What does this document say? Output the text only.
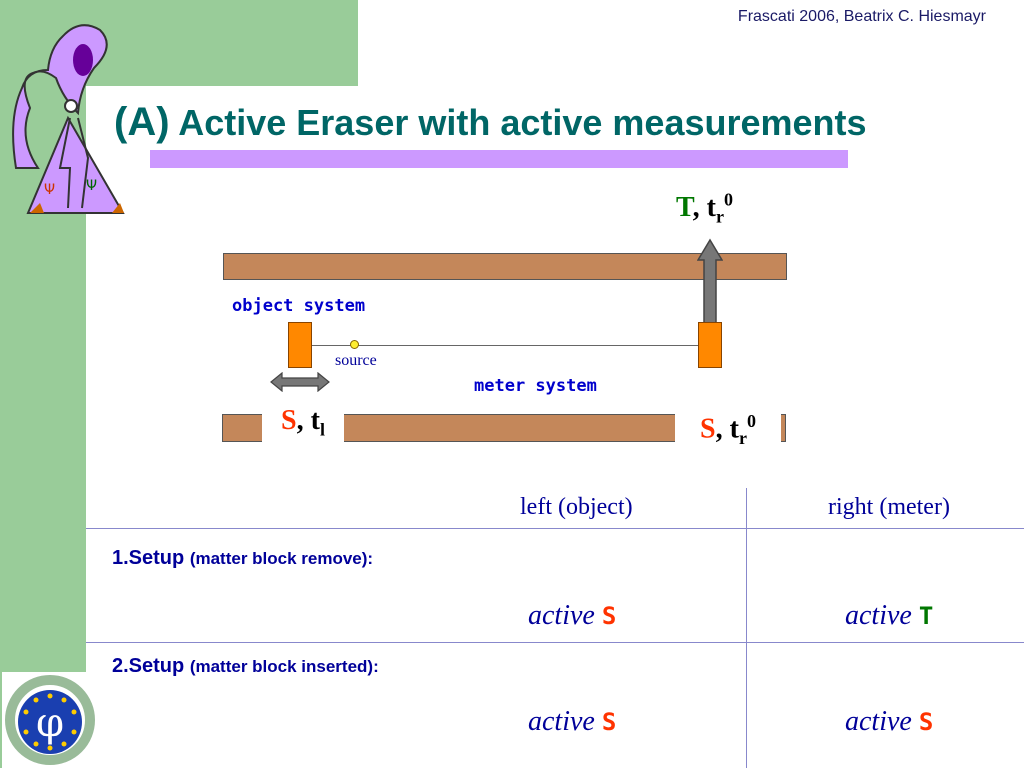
Ψ Ψ
φ
Frascati 2006, Beatrix C. Hiesmayr
(A) Active Eraser with active measurements
T, $t_r^0$
object system
source
meter system
S, $t_l$	S, $t_r^0$
left (object)	right (meter)
1.Setup (matter block remove):
active S	active T
2.Setup (matter block inserted):
active S	active S
